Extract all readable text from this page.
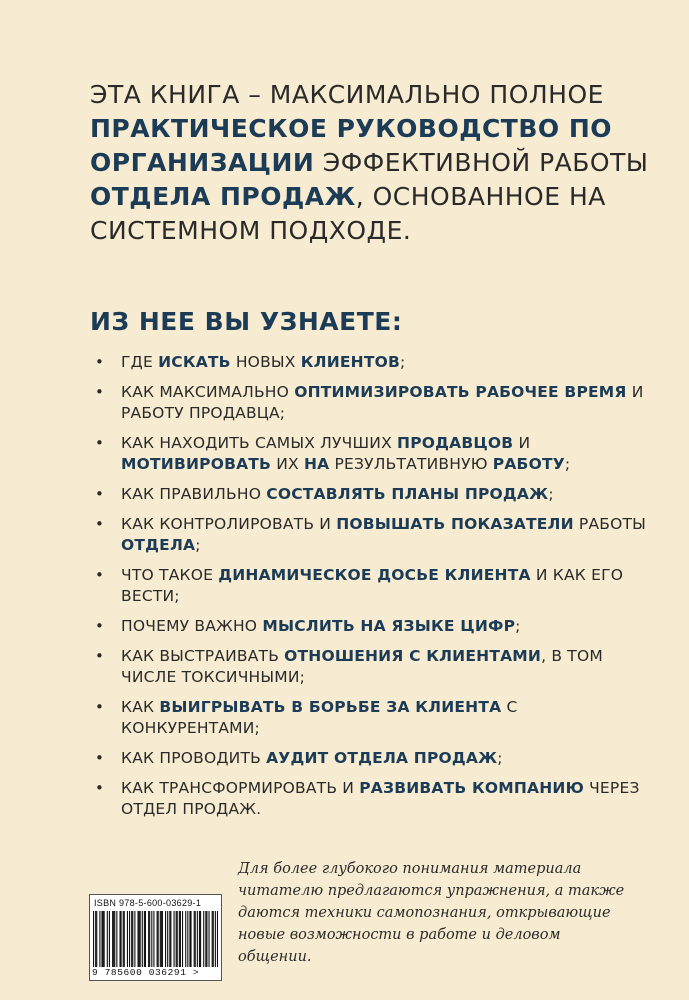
ЭТА КНИГА – МАКСИМАЛЬНО ПОЛНОЕ ПРАКТИЧЕСКОЕ РУКОВОДСТВО ПО ОРГАНИЗАЦИИ ЭФФЕКТИВНОЙ РАБОТЫ ОТДЕЛА ПРОДАЖ, ОСНОВАННОЕ НА СИСТЕМНОМ ПОДХОДЕ.
ИЗ НЕЕ ВЫ УЗНАЕТЕ:
• ГДЕ ИСКАТЬ НОВЫХ КЛИЕНТОВ;
• КАК МАКСИМАЛЬНО ОПТИМИЗИРОВАТЬ РАБОЧЕЕ ВРЕМЯ И РАБОТУ ПРОДАВЦА;
• КАК НАХОДИТЬ САМЫХ ЛУЧШИХ ПРОДАВЦОВ И МОТИВИРОВАТЬ ИХ НА РЕЗУЛЬТАТИВНУЮ РАБОТУ;
• КАК ПРАВИЛЬНО СОСТАВЛЯТЬ ПЛАНЫ ПРОДАЖ;
• КАК КОНТРОЛИРОВАТЬ И ПОВЫШАТЬ ПОКАЗАТЕЛИ РАБОТЫ ОТДЕЛА;
• ЧТО ТАКОЕ ДИНАМИЧЕСКОЕ ДОСЬЕ КЛИЕНТА И КАК ЕГО ВЕСТИ;
• ПОЧЕМУ ВАЖНО МЫСЛИТЬ НА ЯЗЫКЕ ЦИФР;
• КАК ВЫСТРАИВАТЬ ОТНОШЕНИЯ С КЛИЕНТАМИ, В ТОМ ЧИСЛЕ ТОКСИЧНЫМИ;
• КАК ВЫИГРЫВАТЬ В БОРЬБЕ ЗА КЛИЕНТА С КОНКУРЕНТАМИ;
• КАК ПРОВОДИТЬ АУДИТ ОТДЕЛА ПРОДАЖ;
• КАК ТРАНСФОРМИРОВАТЬ И РАЗВИВАТЬ КОМПАНИЮ ЧЕРЕЗ ОТДЕЛ ПРОДАЖ.
Для более глубокого понимания материала читателю предлагаются упражнения, а также даются техники самопознания, открывающие новые возможности в работе и деловом общении.
ISBN 978-5-600-03629-1
9 785600 036291 >
